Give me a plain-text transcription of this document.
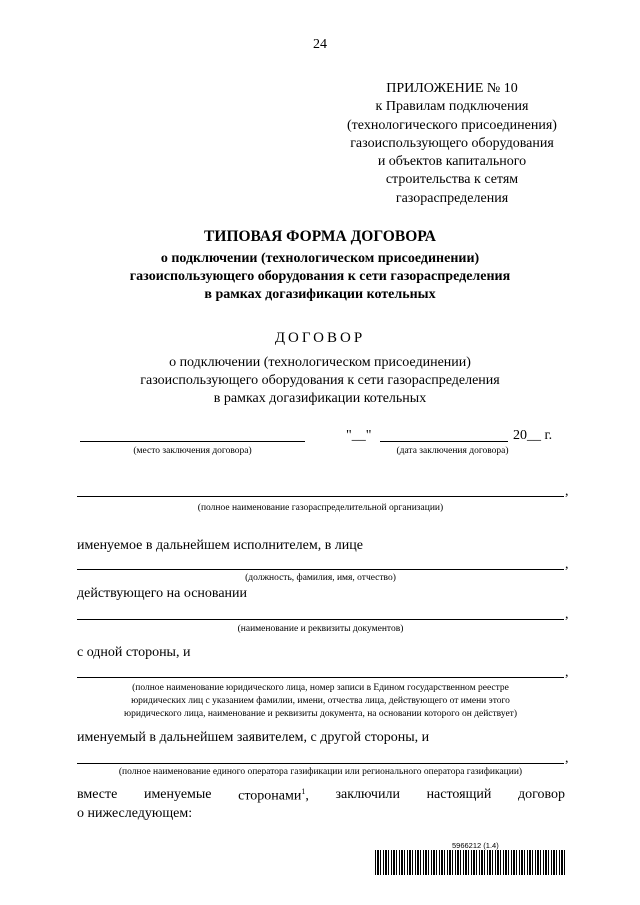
24
ПРИЛОЖЕНИЕ № 10
к Правилам подключения
(технологического присоединения)
газоиспользующего оборудования
и объектов капитального
строительства к сетям
газораспределения
ТИПОВАЯ ФОРМА ДОГОВОРА
о подключении (технологическом присоединении)
газоиспользующего оборудования к сети газораспределения
в рамках догазификации котельных
ДОГОВОР
о подключении (технологическом присоединении)
газоиспользующего оборудования к сети газораспределения
в рамках догазификации котельных
(место заключения договора)
"__"	20__ г.
(дата заключения договора)
,
(полное наименование газораспределительной организации)
именуемое в дальнейшем исполнителем, в лице
,
(должность, фамилия, имя, отчество)
действующего на основании
,
(наименование и реквизиты документов)
с одной стороны, и
,
(полное наименование юридического лица, номер записи в Едином государственном реестре
юридических лиц с указанием фамилии, имени, отчества лица, действующего от имени этого
юридического лица, наименование и реквизиты документа, на основании которого он действует)
именуемый в дальнейшем заявителем, с другой стороны, и
,
(полное наименование единого оператора газификации или регионального оператора газификации)
вместе именуемые сторонами$^1$, заключили настоящий договор
о нижеследующем:
5966212 (1.4)
